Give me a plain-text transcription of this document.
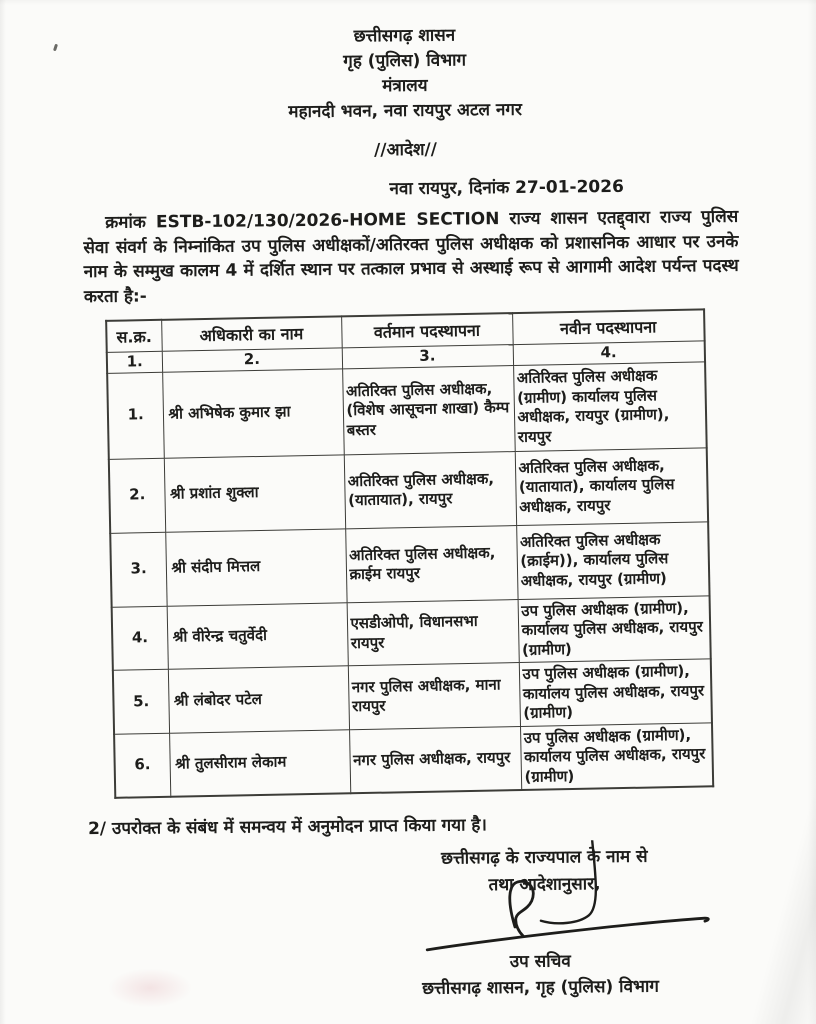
छत्तीसगढ़ शासन
गृह (पुलिस) विभाग
मंत्रालय
महानदी भवन, नवा रायपुर अटल नगर
//आदेश//
नवा रायपुर, दिनांक 27-01-2026
क्रमांक ESTB-102/130/2026-HOME SECTION राज्य शासन एतद्द्वारा राज्य पुलिस सेवा संवर्ग के निम्नांकित उप पुलिस अधीक्षकों/अतिरक्त पुलिस अधीक्षक को प्रशासनिक आधार पर उनके नाम के सम्मुख कालम 4 में दर्शित स्थान पर तत्काल प्रभाव से अस्थाई रूप से आगामी आदेश पर्यन्त पदस्थ करता है:-
स.क्र.	अधिकारी का नाम	वर्तमान पदस्थापना	नवीन पदस्थापना
1.	2.	3.	4.
1.	श्री अभिषेक कुमार झा	अतिरिक्त पुलिस अधीक्षक, (विशेष आसूचना शाखा) कैम्प बस्तर	अतिरिक्त पुलिस अधीक्षक (ग्रामीण) कार्यालय पुलिस अधीक्षक, रायपुर (ग्रामीण), रायपुर
2.	श्री प्रशांत शुक्ला	अतिरिक्त पुलिस अधीक्षक, (यातायात), रायपुर	अतिरिक्त पुलिस अधीक्षक, (यातायात), कार्यालय पुलिस अधीक्षक, रायपुर
3.	श्री संदीप मित्तल	अतिरिक्त पुलिस अधीक्षक, क्राईम रायपुर	अतिरिक्त पुलिस अधीक्षक (क्राईम)), कार्यालय पुलिस अधीक्षक, रायपुर (ग्रामीण)
4.	श्री वीरेन्द्र चतुर्वेदी	एसडीओपी, विधानसभा रायपुर	उप पुलिस अधीक्षक (ग्रामीण), कार्यालय पुलिस अधीक्षक, रायपुर (ग्रामीण)
5.	श्री लंबोदर पटेल	नगर पुलिस अधीक्षक, माना रायपुर	उप पुलिस अधीक्षक (ग्रामीण), कार्यालय पुलिस अधीक्षक, रायपुर (ग्रामीण)
6.	श्री तुलसीराम लेकाम	नगर पुलिस अधीक्षक, रायपुर	उप पुलिस अधीक्षक (ग्रामीण), कार्यालय पुलिस अधीक्षक, रायपुर (ग्रामीण)
2/ उपरोक्त के संबंध में समन्वय में अनुमोदन प्राप्त किया गया है।
छत्तीसगढ़ के राज्यपाल के नाम से
तथा आदेशानुसार,
उप सचिव
छत्तीसगढ़ शासन, गृह (पुलिस) विभाग
